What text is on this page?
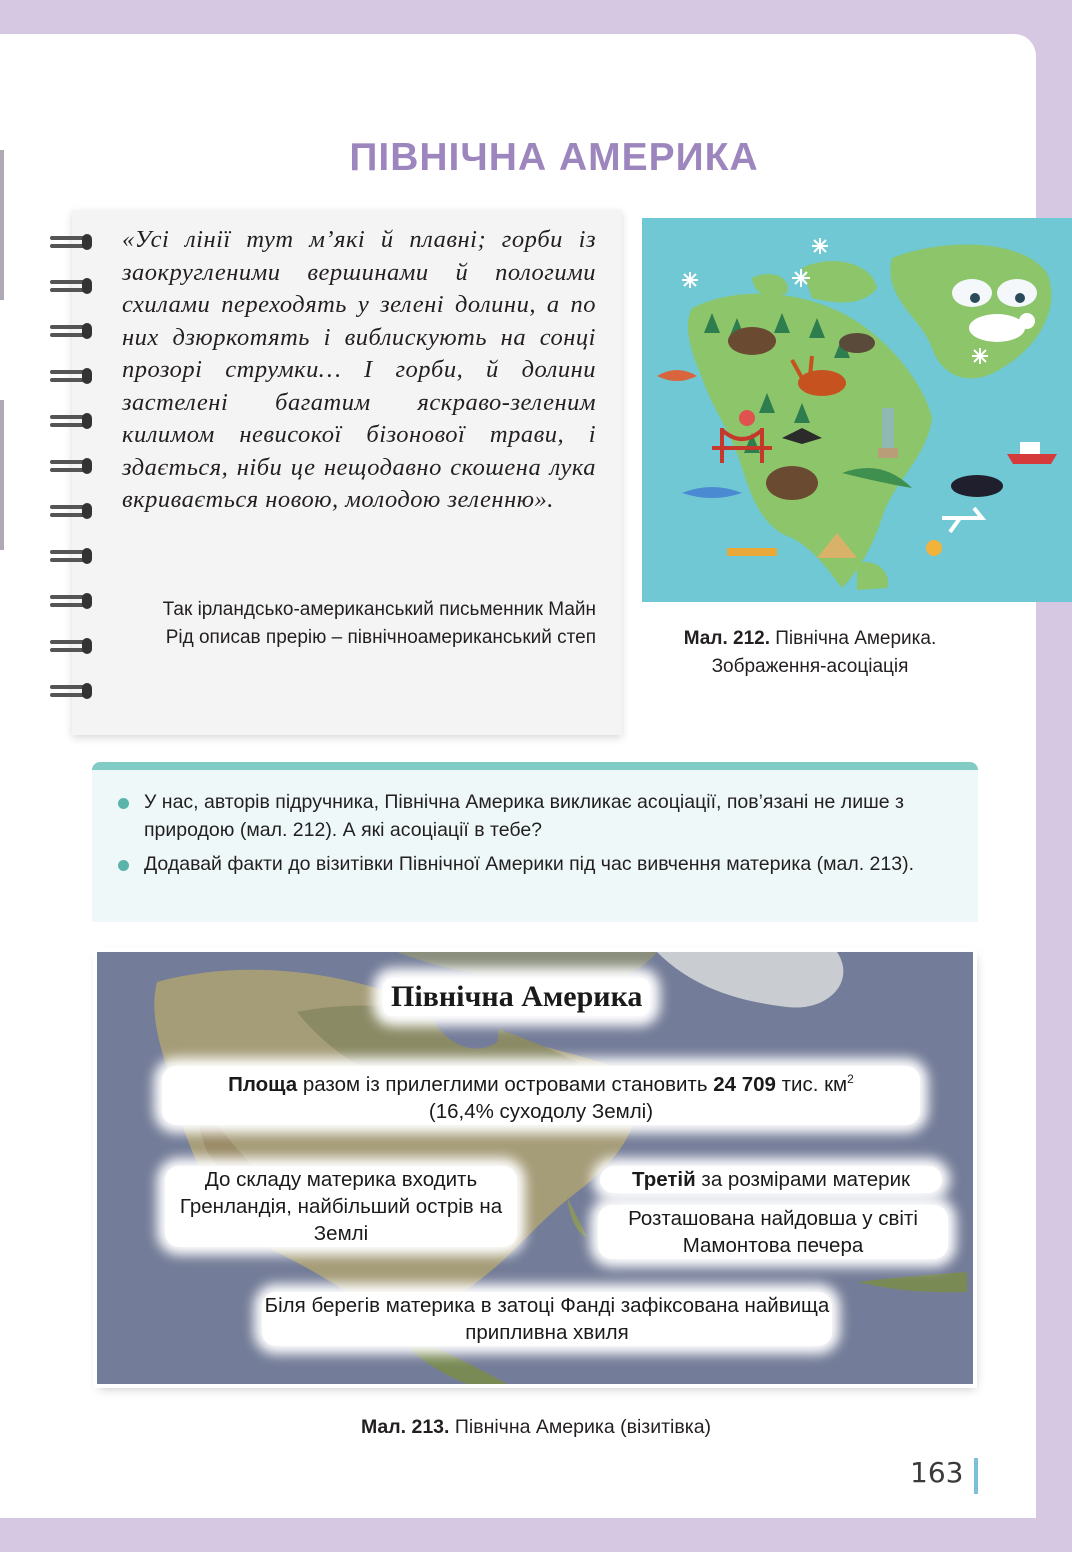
ПІВНІЧНА АМЕРИКА
«Усі лінії тут м’які й плавні; горби із заокругленими вершинами й пологими схилами переходять у зелені долини, а по них дзюркотять і виблискують на сонці прозорі струмки… І горби, й долини застелені багатим яскраво-зеленим килимом невисокої бізонової трави, і здається, ніби це нещодавно скошена лука вкривається новою, молодою зеленню».
Так ірландсько-американський письменник Майн Рід описав прерію – північноамериканський степ	Мал. 212. Північна Америка. Зображення-асоціація
У нас, авторів підручника, Північна Америка викликає асоціації, пов’язані не лише з природою (мал. 212). А які асоціації в тебе?
Додавай факти до візитівки Північної Америки під час вивчення материка (мал. 213).
Північна Америка
Площа разом із прилеглими островами становить 24 709 тис. $км^2$
(16,4% суходолу Землі)
До складу материка входить Гренландія, найбільший острів на Землі
Третій за розмірами материк
Розташована найдовша у світі Мамонтова печера
Біля берегів материка в затоці Фанді зафіксована найвища припливна хвиля
Мал. 213. Північна Америка (візитівка)
163
